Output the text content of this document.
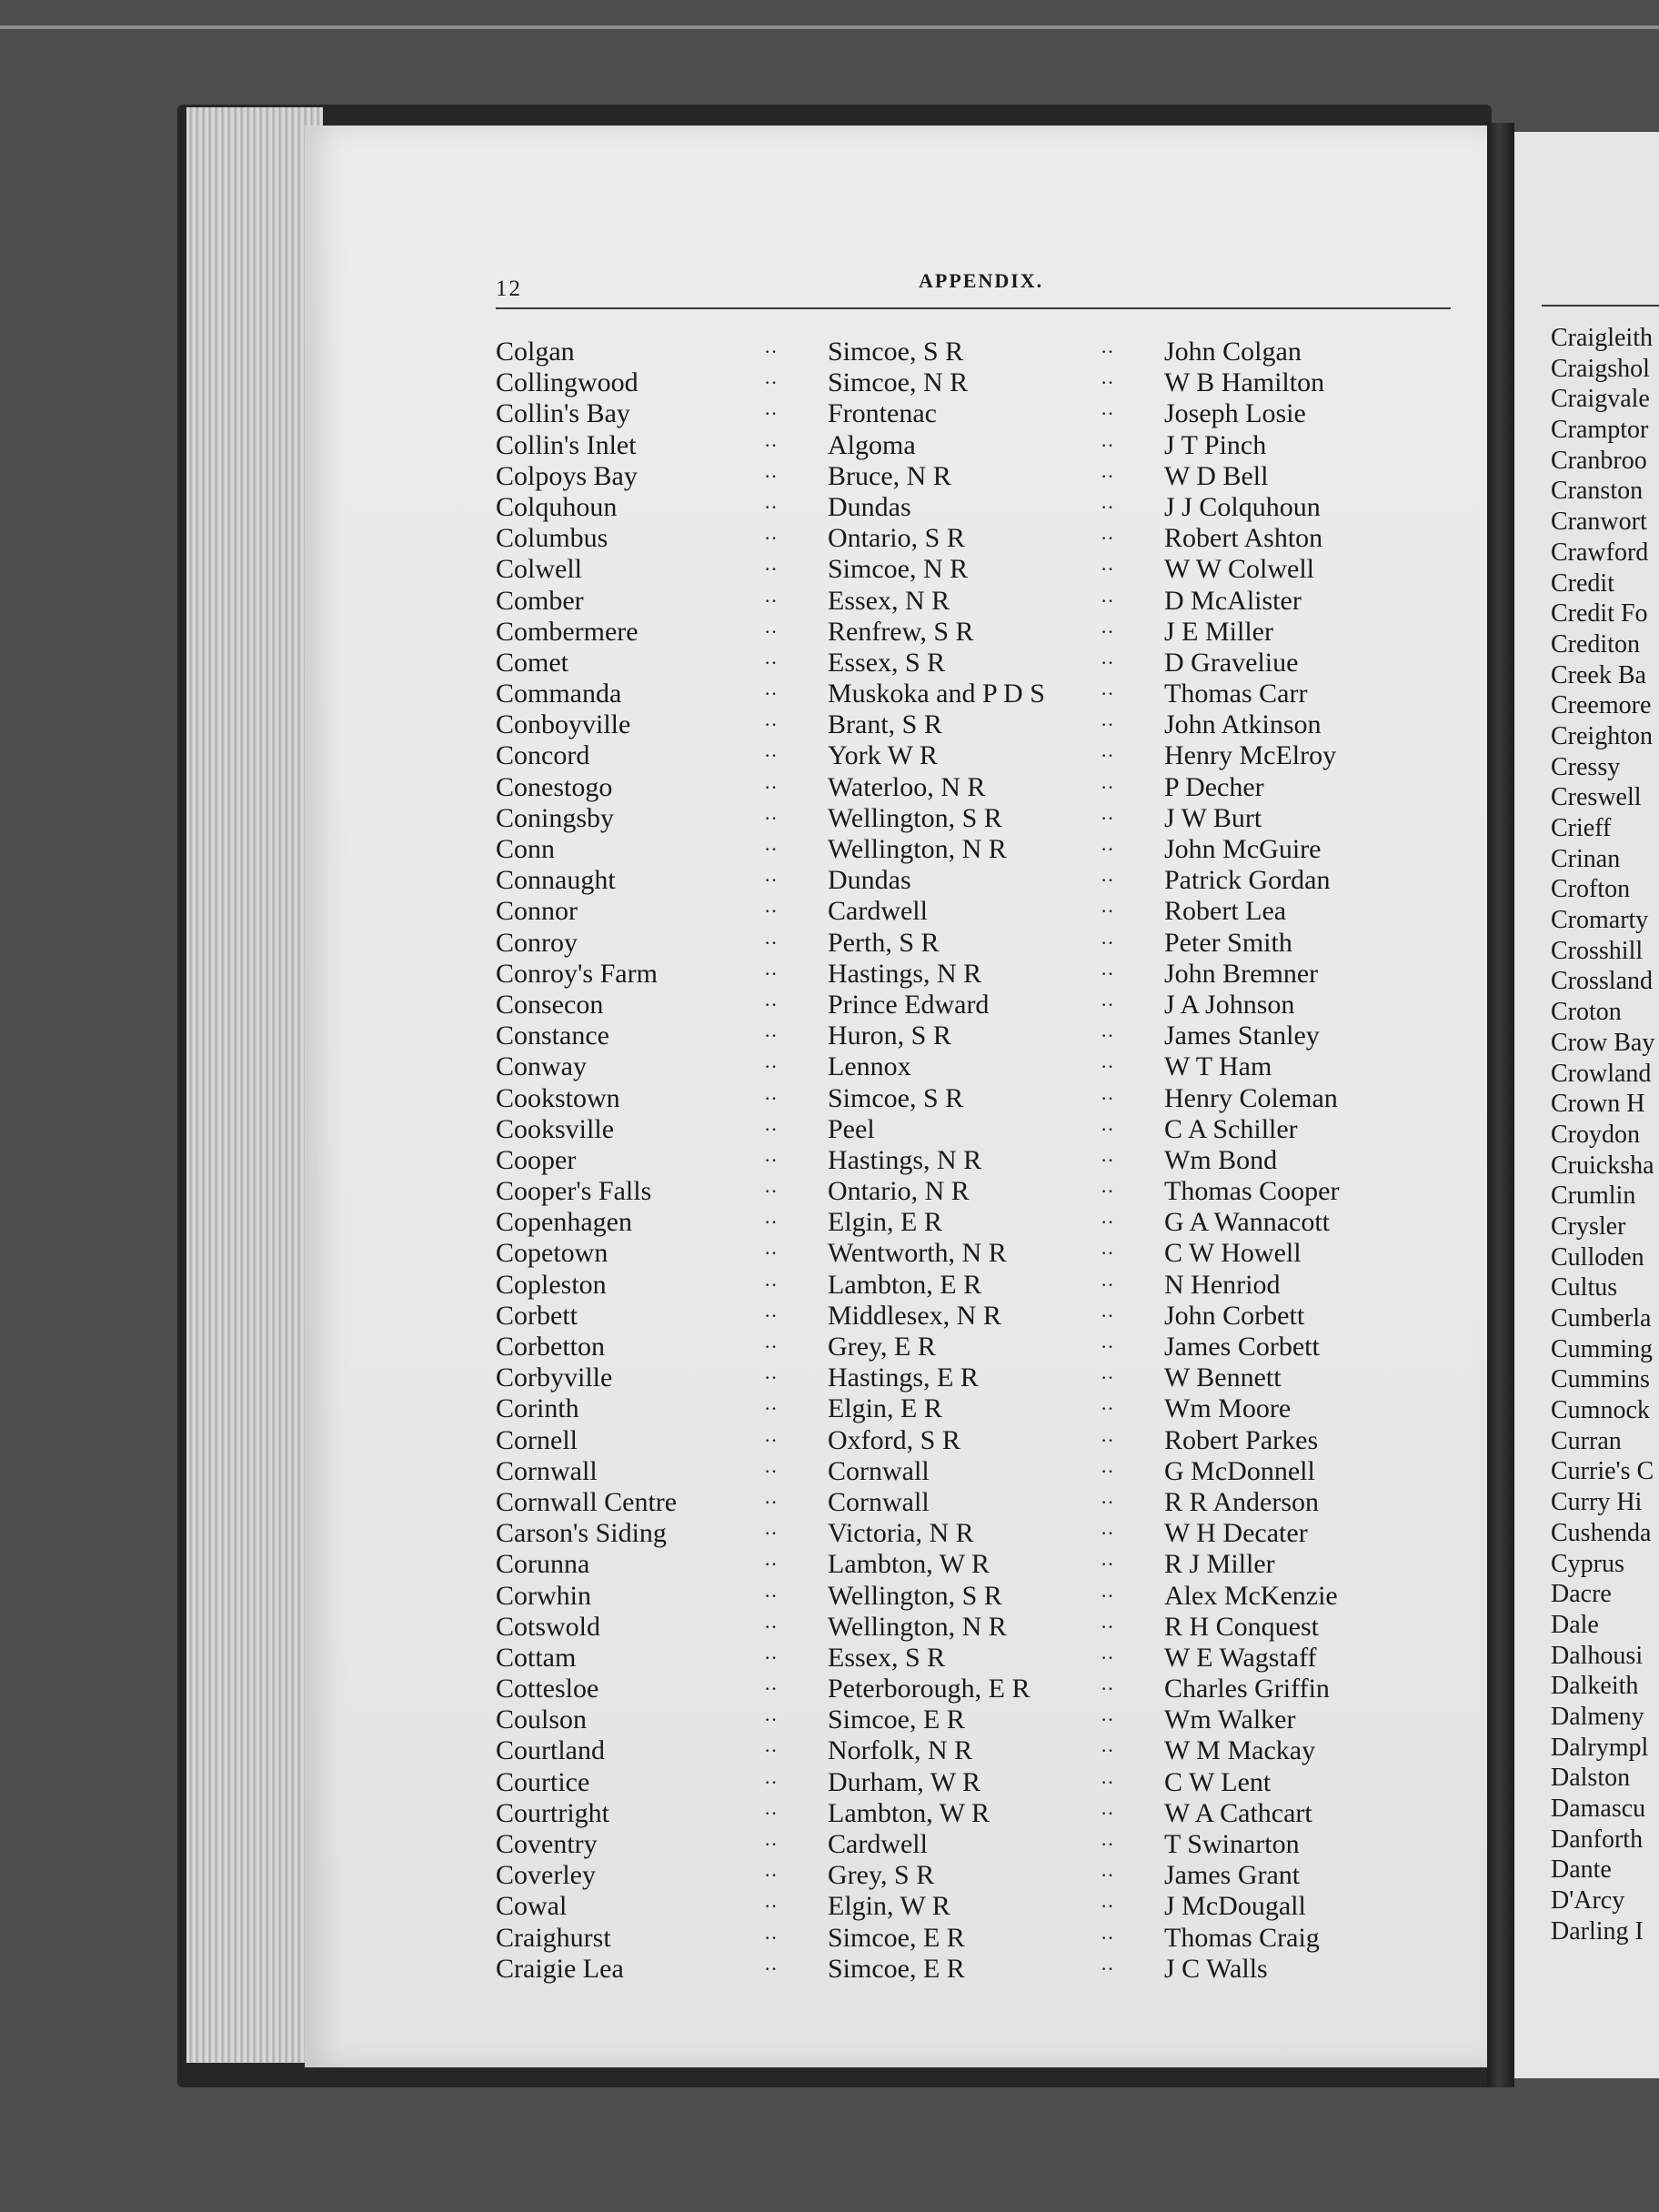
Craigleith
Craigshol
Craigvale
Cramptor
Cranbroo
Cranston
Cranwort
Crawford
Credit
Credit Fo
Crediton
Creek Ba
Creemore
Creighton
Cressy
Creswell
Crieff
Crinan
Crofton
Cromarty
Crosshill
Crossland
Croton
Crow Bay
Crowland
Crown H
Croydon
Cruicksha
Crumlin
Crysler
Culloden
Cultus
Cumberla
Cumming
Cummins
Cumnock
Curran
Currie's C
Curry Hi
Cushenda
Cyprus
Dacre
Dale
Dalhousi
Dalkeith
Dalmeny
Dalrympl
Dalston
Damascu
Danforth
Dante
D'Arcy
Darling I
12	APPENDIX.
Colgan	·· Simcoe, S R	·· John Colgan
Collingwood	·· Simcoe, N R	·· W B Hamilton
Collin's Bay	·· Frontenac	·· Joseph Losie
Collin's Inlet	·· Algoma	·· J T Pinch
Colpoys Bay	·· Bruce, N R	·· W D Bell
Colquhoun	·· Dundas	·· J J Colquhoun
Columbus	·· Ontario, S R	·· Robert Ashton
Colwell	·· Simcoe, N R	·· W W Colwell
Comber	·· Essex, N R	·· D McAlister
Combermere	·· Renfrew, S R	·· J E Miller
Comet	·· Essex, S R	·· D Graveliue
Commanda	·· Muskoka and P D S	·· Thomas Carr
Conboyville	·· Brant, S R	·· John Atkinson
Concord	·· York W R	·· Henry McElroy
Conestogo	·· Waterloo, N R	·· P Decher
Coningsby	·· Wellington, S R	·· J W Burt
Conn	·· Wellington, N R	·· John McGuire
Connaught	·· Dundas	·· Patrick Gordan
Connor	·· Cardwell	·· Robert Lea
Conroy	·· Perth, S R	·· Peter Smith
Conroy's Farm	·· Hastings, N R	·· John Bremner
Consecon	·· Prince Edward	·· J A Johnson
Constance	·· Huron, S R	·· James Stanley
Conway	·· Lennox	·· W T Ham
Cookstown	·· Simcoe, S R	·· Henry Coleman
Cooksville	·· Peel	·· C A Schiller
Cooper	·· Hastings, N R	·· Wm Bond
Cooper's Falls	·· Ontario, N R	·· Thomas Cooper
Copenhagen	·· Elgin, E R	·· G A Wannacott
Copetown	·· Wentworth, N R	·· C W Howell
Copleston	·· Lambton, E R	·· N Henriod
Corbett	·· Middlesex, N R	·· John Corbett
Corbetton	·· Grey, E R	·· James Corbett
Corbyville	·· Hastings, E R	·· W Bennett
Corinth	·· Elgin, E R	·· Wm Moore
Cornell	·· Oxford, S R	·· Robert Parkes
Cornwall	·· Cornwall	·· G McDonnell
Cornwall Centre	·· Cornwall	·· R R Anderson
Carson's Siding	·· Victoria, N R	·· W H Decater
Corunna	·· Lambton, W R	·· R J Miller
Corwhin	·· Wellington, S R	·· Alex McKenzie
Cotswold	·· Wellington, N R	·· R H Conquest
Cottam	·· Essex, S R	·· W E Wagstaff
Cottesloe	·· Peterborough, E R	·· Charles Griffin
Coulson	·· Simcoe, E R	·· Wm Walker
Courtland	·· Norfolk, N R	·· W M Mackay
Courtice	·· Durham, W R	·· C W Lent
Courtright	·· Lambton, W R	·· W A Cathcart
Coventry	·· Cardwell	·· T Swinarton
Coverley	·· Grey, S R	·· James Grant
Cowal	·· Elgin, W R	·· J McDougall
Craighurst	·· Simcoe, E R	·· Thomas Craig
Craigie Lea	·· Simcoe, E R	·· J C Walls
